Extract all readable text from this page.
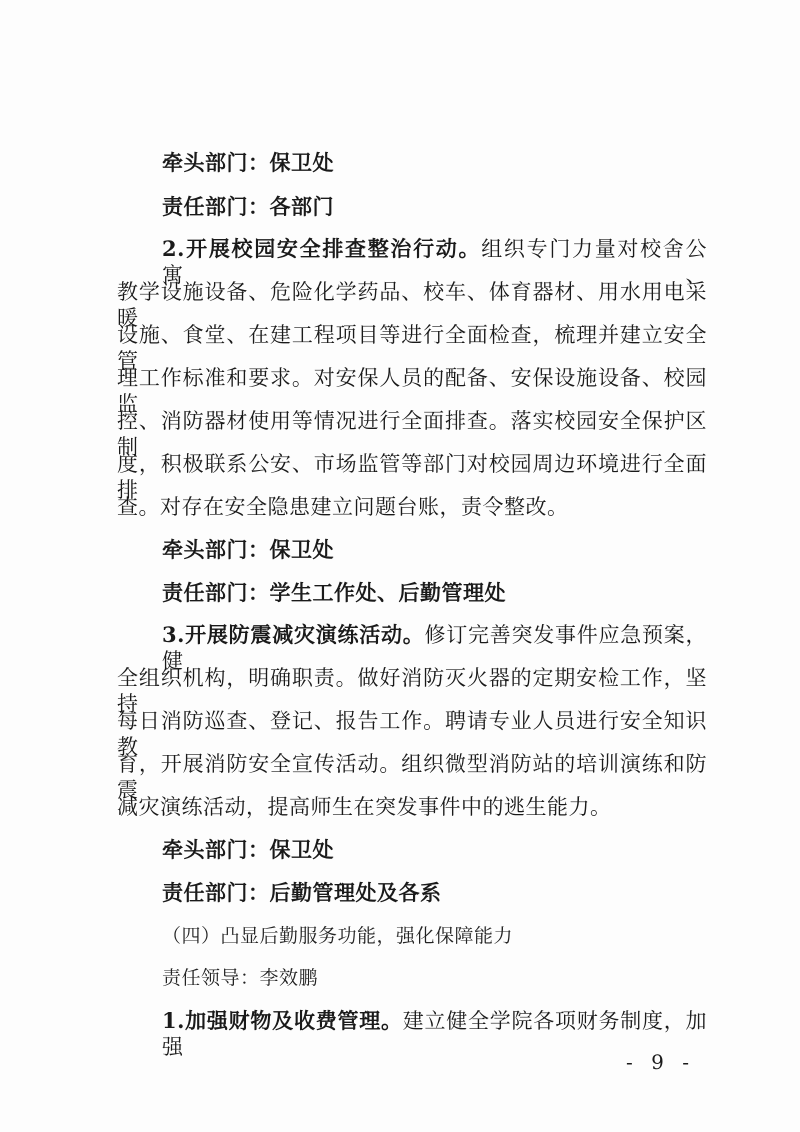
牵头部门：保卫处
责任部门：各部门
2.开展校园安全排查整治行动。组织专门力量对校舍公寓、
教学设施设备、危险化学药品、校车、体育器材、用水用电采暖
设施、食堂、在建工程项目等进行全面检查，梳理并建立安全管
理工作标准和要求。对安保人员的配备、安保设施设备、校园监
控、消防器材使用等情况进行全面排查。落实校园安全保护区制
度，积极联系公安、市场监管等部门对校园周边环境进行全面排
查。对存在安全隐患建立问题台账，责令整改。
牵头部门：保卫处
责任部门：学生工作处、后勤管理处
3.开展防震减灾演练活动。修订完善突发事件应急预案，健
全组织机构，明确职责。做好消防灭火器的定期安检工作，坚持
每日消防巡查、登记、报告工作。聘请专业人员进行安全知识教
育，开展消防安全宣传活动。组织微型消防站的培训演练和防震
减灾演练活动，提高师生在突发事件中的逃生能力。
牵头部门：保卫处
责任部门：后勤管理处及各系
（四）凸显后勤服务功能，强化保障能力
责任领导：李效鹏
1.加强财物及收费管理。建立健全学院各项财务制度，加强
- 9 -
